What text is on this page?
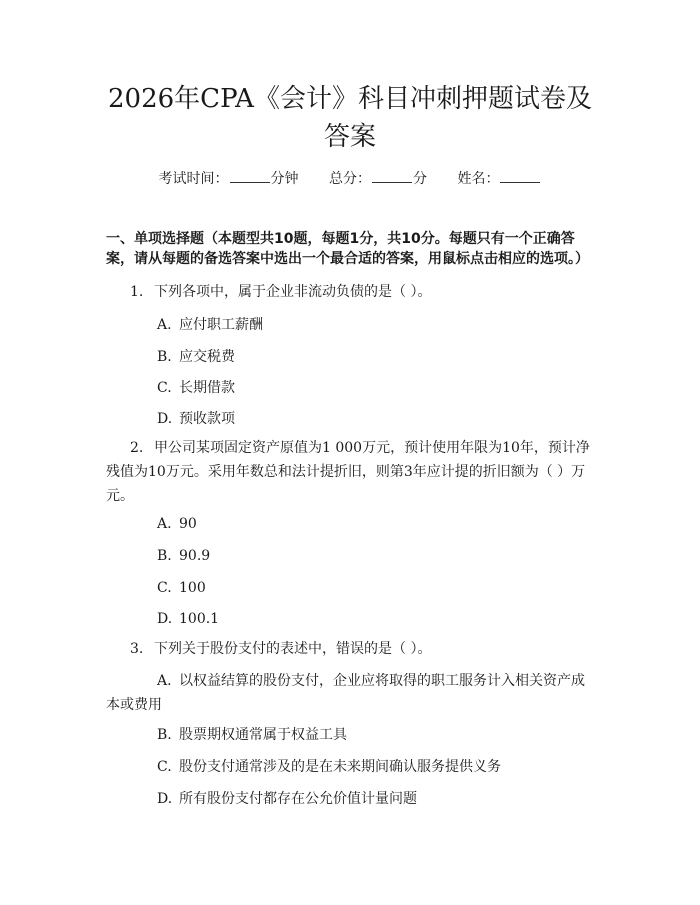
2026年CPA《会计》科目冲刺押题试卷及答案
考试时间：	分钟 总分：	分 姓名：

一、单项选择题（本题型共10题，每题1分，共10分。每题只有一个正确答案，请从每题的备选答案中选出一个最合适的答案，用鼠标点击相应的选项。）

1. 下列各项中，属于企业非流动负债的是（ ）。

A. 应付职工薪酬

B. 应交税费

C. 长期借款

D. 预收款项

2. 甲公司某项固定资产原值为1 000万元，预计使用年限为10年，预计净残值为10万元。采用年数总和法计提折旧，则第3年应计提的折旧额为（ ）万元。

A. 90

B. 90.9

C. 100

D. 100.1

3. 下列关于股份支付的表述中，错误的是（ ）。

A. 以权益结算的股份支付，企业应将取得的职工服务计入相关资产成本或费用

B. 股票期权通常属于权益工具

C. 股份支付通常涉及的是在未来期间确认服务提供义务

D. 所有股份支付都存在公允价值计量问题
